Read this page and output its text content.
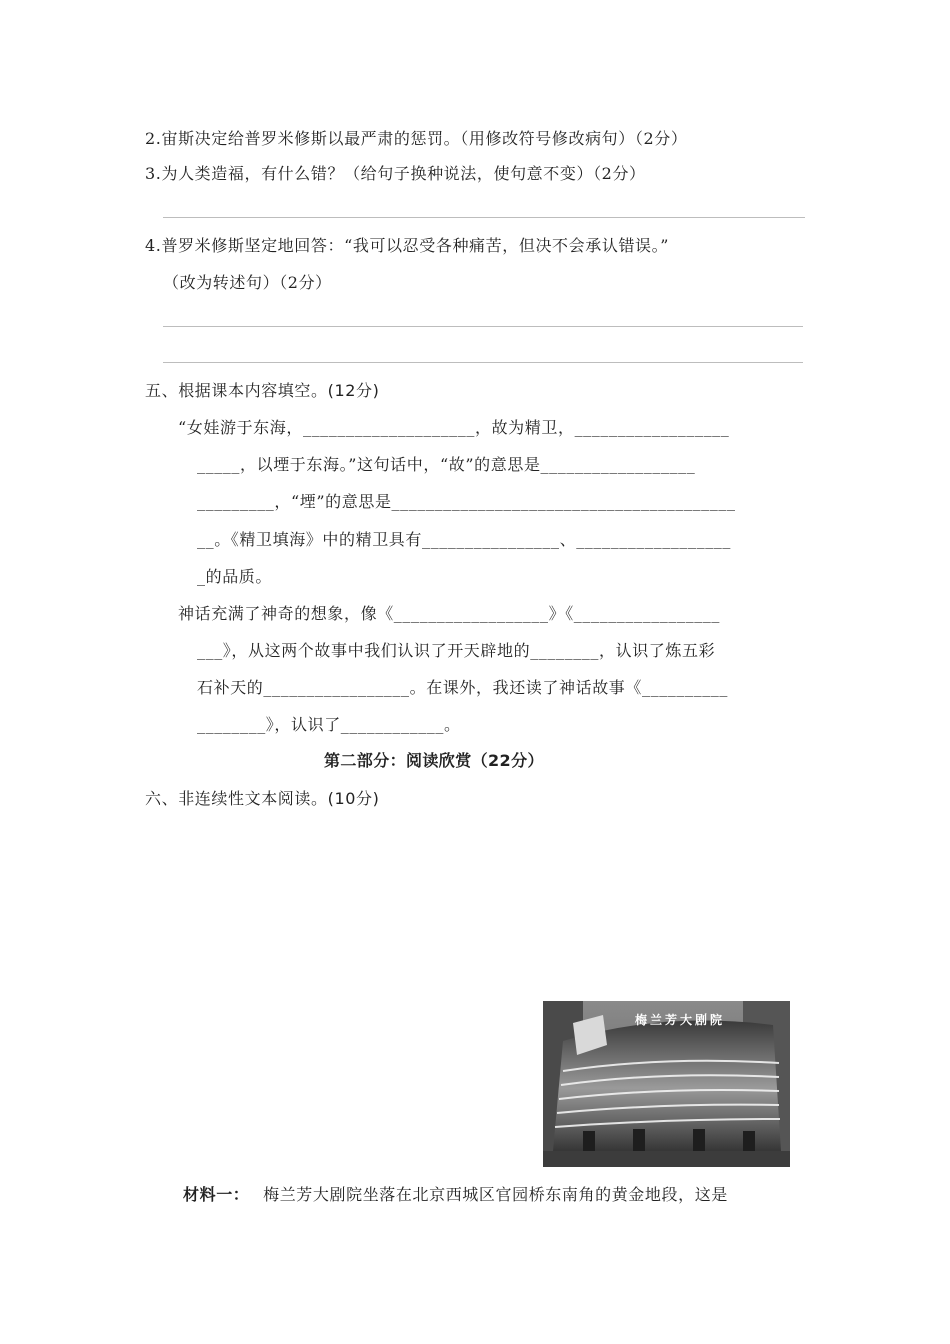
2.宙斯决定给普罗米修斯以最严肃的惩罚。（用修改符号修改病句）（2分）
3.为人类造福，有什么错？（给句子换种说法，使句意不变）（2分）
4.普罗米修斯坚定地回答：“我可以忍受各种痛苦，但决不会承认错误。”
（改为转述句）（2分）
五、根据课本内容填空。(12分)
“女娃游于东海，____________________，故为精卫，__________________
_____，以堙于东海。”这句话中，“故”的意思是__________________
_________，“堙”的意思是________________________________________
__。《精卫填海》中的精卫具有________________、__________________
_的品质。
神话充满了神奇的想象，像《__________________》《_________________
___》，从这两个故事中我们认识了开天辟地的________，认识了炼五彩
石补天的_________________。在课外，我还读了神话故事《__________
________》，认识了____________。
第二部分：阅读欣赏（22分）
六、非连续性文本阅读。(10分)
梅兰芳大剧院
材料一： 梅兰芳大剧院坐落在北京西城区官园桥东南角的黄金地段，这是
